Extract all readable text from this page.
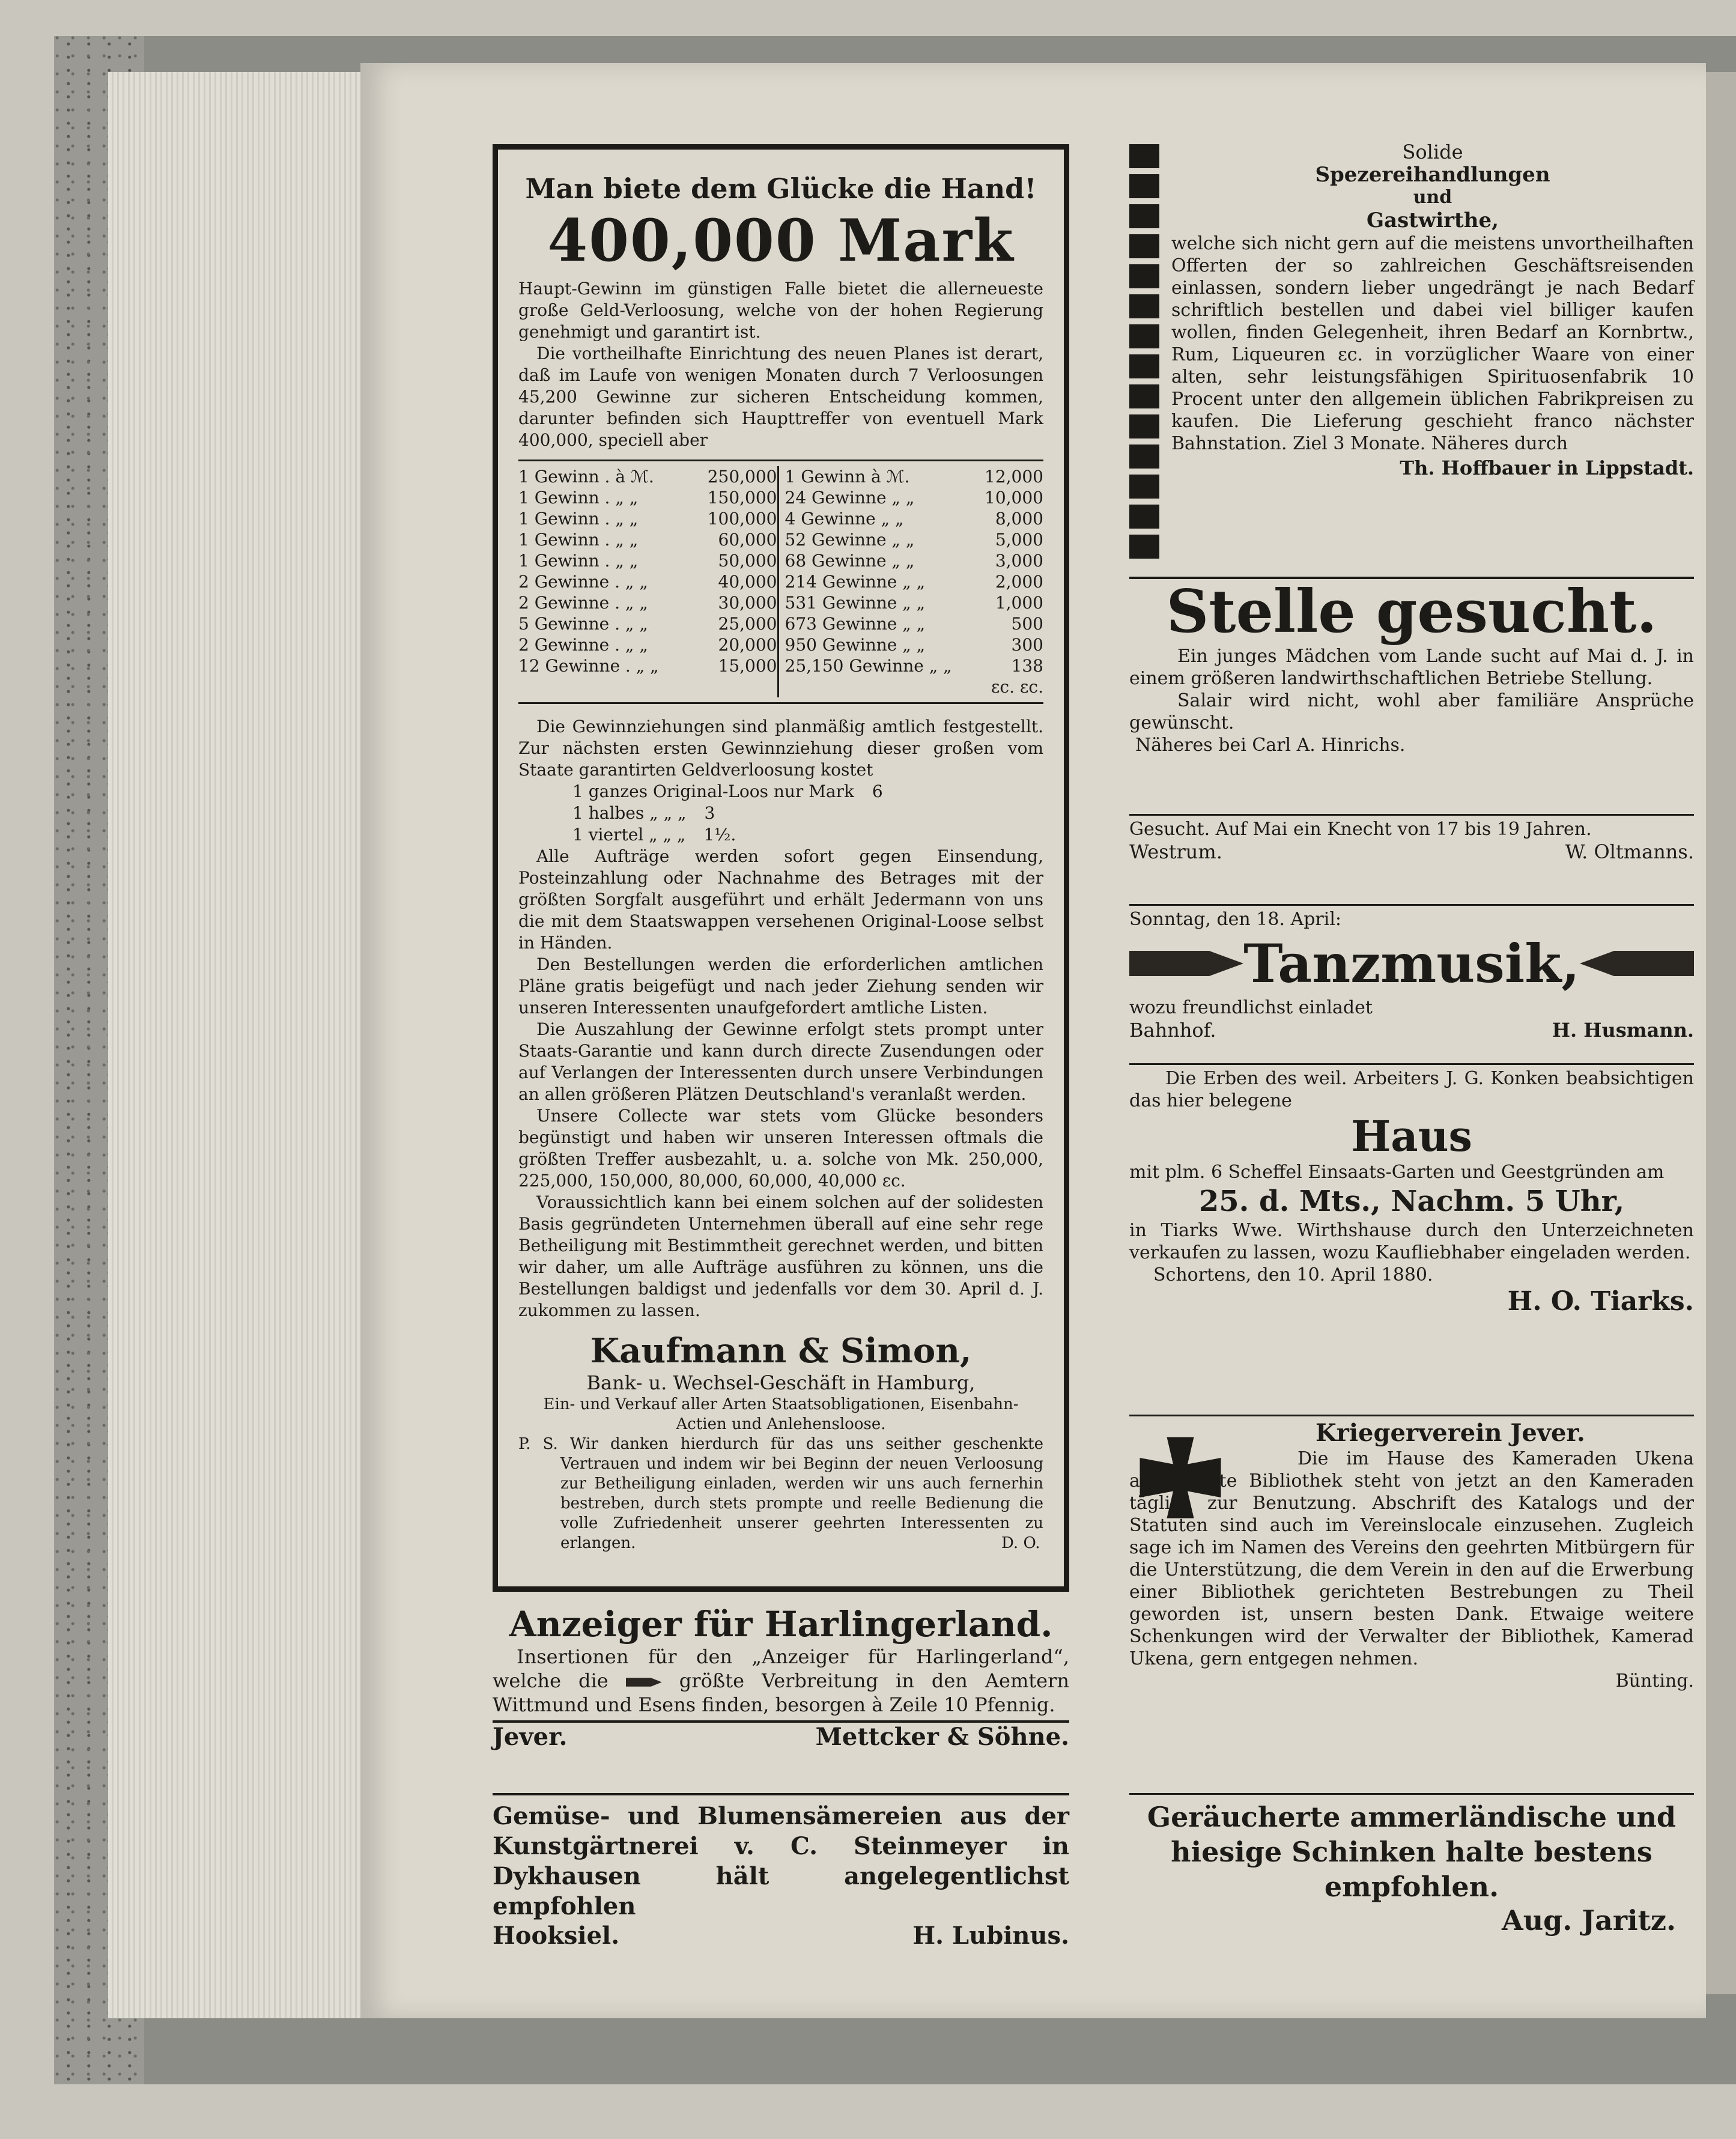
Man biete dem Glücke die Hand!
400,000 Mark
Haupt-Gewinn im günstigen Falle bietet die allerneueste große Geld-Verloosung, welche von der hohen Regierung genehmigt und garantirt ist.
Die vortheilhafte Einrichtung des neuen Planes ist derart, daß im Laufe von wenigen Monaten durch 7 Verloosungen 45,200 Gewinne zur sicheren Entscheidung kommen, darunter befinden sich Haupttreffer von eventuell Mark 400,000, speciell aber
1 Gewinn . à ℳ.	250,000
1 Gewinn . „ „	150,000
1 Gewinn . „ „	100,000
1 Gewinn . „ „	60,000
1 Gewinn . „ „	50,000
2 Gewinne . „ „	40,000
2 Gewinne . „ „	30,000
5 Gewinne . „ „	25,000
2 Gewinne . „ „	20,000
12 Gewinne . „ „	15,000
1 Gewinn à ℳ.	12,000
24 Gewinne „ „	10,000
4 Gewinne „ „	8,000
52 Gewinne „ „	5,000
68 Gewinne „ „	3,000
214 Gewinne „ „	2,000
531 Gewinne „ „	1,000
673 Gewinne „ „	500
950 Gewinne „ „	300
25,150 Gewinne „ „	138
ɛc. ɛc.
Die Gewinnziehungen sind planmäßig amtlich festgestellt. Zur nächsten ersten Gewinnziehung dieser großen vom Staate garantirten Geldverloosung kostet
1 ganzes Original-Loos nur Mark 6
1 halbes „ „ „ 3
1 viertel „ „ „ 1½.
Alle Aufträge werden sofort gegen Einsendung, Posteinzahlung oder Nachnahme des Betrages mit der größten Sorgfalt ausgeführt und erhält Jedermann von uns die mit dem Staatswappen versehenen Original-Loose selbst in Händen.
Den Bestellungen werden die erforderlichen amtlichen Pläne gratis beigefügt und nach jeder Ziehung senden wir unseren Interessenten unaufgefordert amtliche Listen.
Die Auszahlung der Gewinne erfolgt stets prompt unter Staats-Garantie und kann durch directe Zusendungen oder auf Verlangen der Interessenten durch unsere Verbindungen an allen größeren Plätzen Deutschland's veranlaßt werden.
Unsere Collecte war stets vom Glücke besonders begünstigt und haben wir unseren Interessen oftmals die größten Treffer ausbezahlt, u. a. solche von Mk. 250,000, 225,000, 150,000, 80,000, 60,000, 40,000 ɛc.
Voraussichtlich kann bei einem solchen auf der solidesten Basis gegründeten Unternehmen überall auf eine sehr rege Betheiligung mit Bestimmtheit gerechnet werden, und bitten wir daher, um alle Aufträge ausführen zu können, uns die Bestellungen baldigst und jedenfalls vor dem 30. April d. J. zukommen zu lassen.
Kaufmann & Simon,
Bank- u. Wechsel-Geschäft in Hamburg,
Ein- und Verkauf aller Arten Staatsobligationen, Eisenbahn-Actien und Anlehensloose.
P. S. Wir danken hierdurch für das uns seither geschenkte Vertrauen und indem wir bei Beginn der neuen Verloosung zur Betheiligung einladen, werden wir uns auch fernerhin bestreben, durch stets prompte und reelle Bedienung die volle Zufriedenheit unserer geehrten Interessenten zu erlangen.	D. O.
Anzeiger für Harlingerland.
Insertionen für den „Anzeiger für Harlingerland“, welche die	größte Verbreitung in den Aemtern Wittmund und Esens finden, besorgen à Zeile 10 Pfennig.
Jever.	Mettcker & Söhne.
Gemüse- und Blumensämereien aus der Kunstgärtnerei v. C. Steinmeyer in Dykhausen hält angelegentlichst empfohlen
Hooksiel.	H. Lubinus.
Solide
Spezereihandlungen
und
Gastwirthe,
welche sich nicht gern auf die meistens unvortheilhaften Offerten der so zahlreichen Geschäftsreisenden einlassen, sondern lieber ungedrängt je nach Bedarf schriftlich bestellen und dabei viel billiger kaufen wollen, finden Gelegenheit, ihren Bedarf an Kornbrtw., Rum, Liqueuren ɛc. in vorzüglicher Waare von einer alten, sehr leistungsfähigen Spirituosenfabrik 10 Procent unter den allgemein üblichen Fabrikpreisen zu kaufen. Die Lieferung geschieht franco nächster Bahnstation. Ziel 3 Monate. Näheres durch
Th. Hoffbauer in Lippstadt.
Stelle gesucht.
Ein junges Mädchen vom Lande sucht auf Mai d. J. in einem größeren landwirthschaftlichen Betriebe Stellung.
Salair wird nicht, wohl aber familiäre Ansprüche gewünscht.
Näheres bei Carl A. Hinrichs.
Gesucht. Auf Mai ein Knecht von 17 bis 19 Jahren.
Westrum.	W. Oltmanns.
Sonntag, den 18. April:
Tanzmusik,
wozu freundlichst einladet
Bahnhof.	H. Husmann.
Die Erben des weil. Arbeiters J. G. Konken beabsichtigen das hier belegene
Haus
mit plm. 6 Scheffel Einsaats-Garten und Geestgründen am
25. d. Mts., Nachm. 5 Uhr,
in Tiarks Wwe. Wirthshause durch den Unterzeichneten verkaufen zu lassen, wozu Kaufliebhaber eingeladen werden.
Schortens, den 10. April 1880.
H. O. Tiarks.
Kriegerverein Jever.
Die im Hause des Kameraden Ukena aufgestellte Bibliothek steht von jetzt an den Kameraden täglich zur Benutzung. Abschrift des Katalogs und der Statuten sind auch im Vereinslocale einzusehen. Zugleich sage ich im Namen des Vereins den geehrten Mitbürgern für die Unterstützung, die dem Verein in den auf die Erwerbung einer Bibliothek gerichteten Bestrebungen zu Theil geworden ist, unsern besten Dank. Etwaige weitere Schenkungen wird der Verwalter der Bibliothek, Kamerad Ukena, gern entgegen nehmen.
Bünting.
Geräucherte ammerländische und hiesige Schinken halte bestens empfohlen.
Aug. Jaritz.
